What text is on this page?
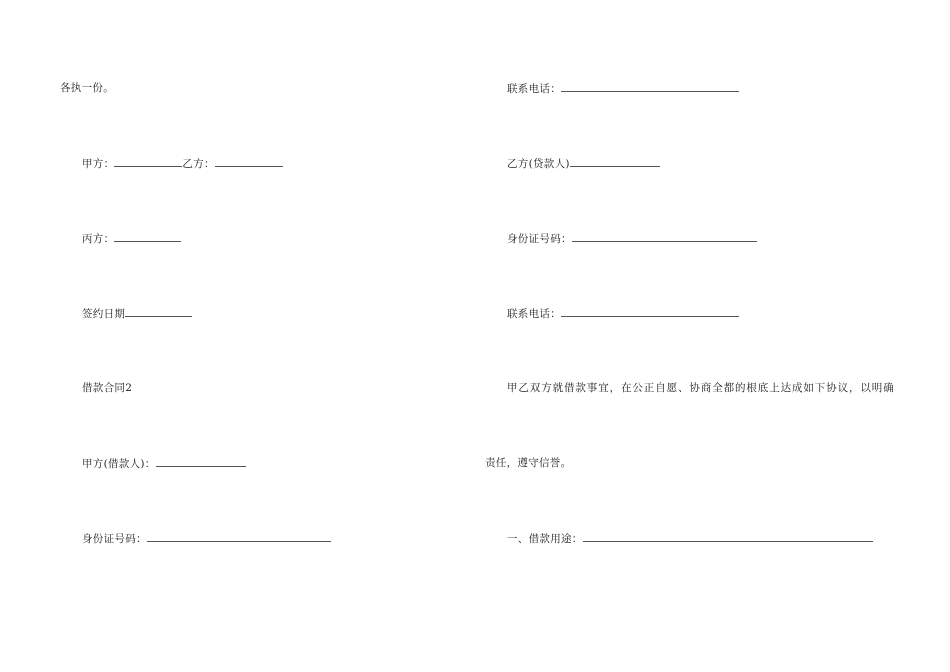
各执一份。
甲方：	乙方：
丙方：
签约日期
借款合同2
甲方(借款人)：
身份证号码：
联系电话：
乙方(贷款人)
身份证号码：
联系电话：
甲乙双方就借款事宜，在公正自愿、协商全都的根底上达成如下协议，以明确
责任，遵守信誉。
一、借款用途：
